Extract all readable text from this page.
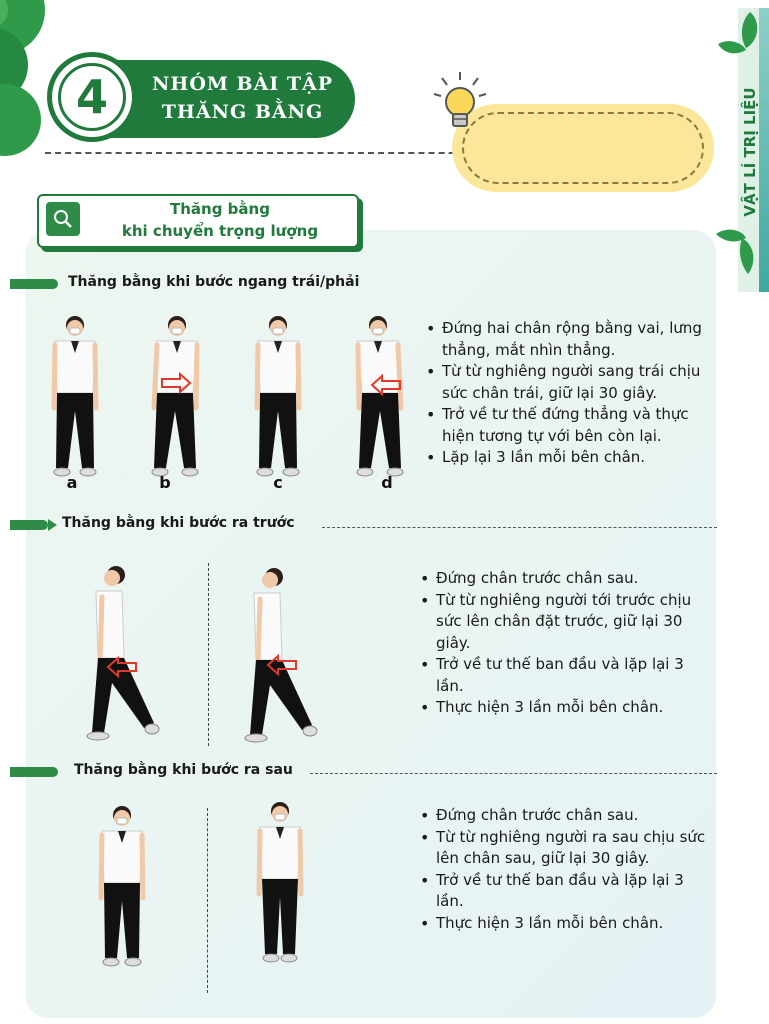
NHÓM BÀI TẬP
THĂNG BẰNG
4	VẬT LÍ TRỊ LIỆU
Thăng bằng
khi chuyển trọng lượng
Thăng bằng khi bước ngang trái/phải
a	b	c	d
• Đứng hai chân rộng bằng vai, lưng thẳng, mắt nhìn thẳng.
• Từ từ nghiêng người sang trái chịu sức chân trái, giữ lại 30 giây.
• Trở về tư thế đứng thẳng và thực hiện tương tự với bên còn lại.
• Lặp lại 3 lần mỗi bên chân.
Thăng bằng khi bước ra trước
• Đứng chân trước chân sau.
• Từ từ nghiêng người tới trước chịu sức lên chân đặt trước, giữ lại 30 giây.
• Trở về tư thế ban đầu và lặp lại 3 lần.
• Thực hiện 3 lần mỗi bên chân.
Thăng bằng khi bước ra sau
• Đứng chân trước chân sau.
• Từ từ nghiêng người ra sau chịu sức lên chân sau, giữ lại 30 giây.
• Trở về tư thế ban đầu và lặp lại 3 lần.
• Thực hiện 3 lần mỗi bên chân.
